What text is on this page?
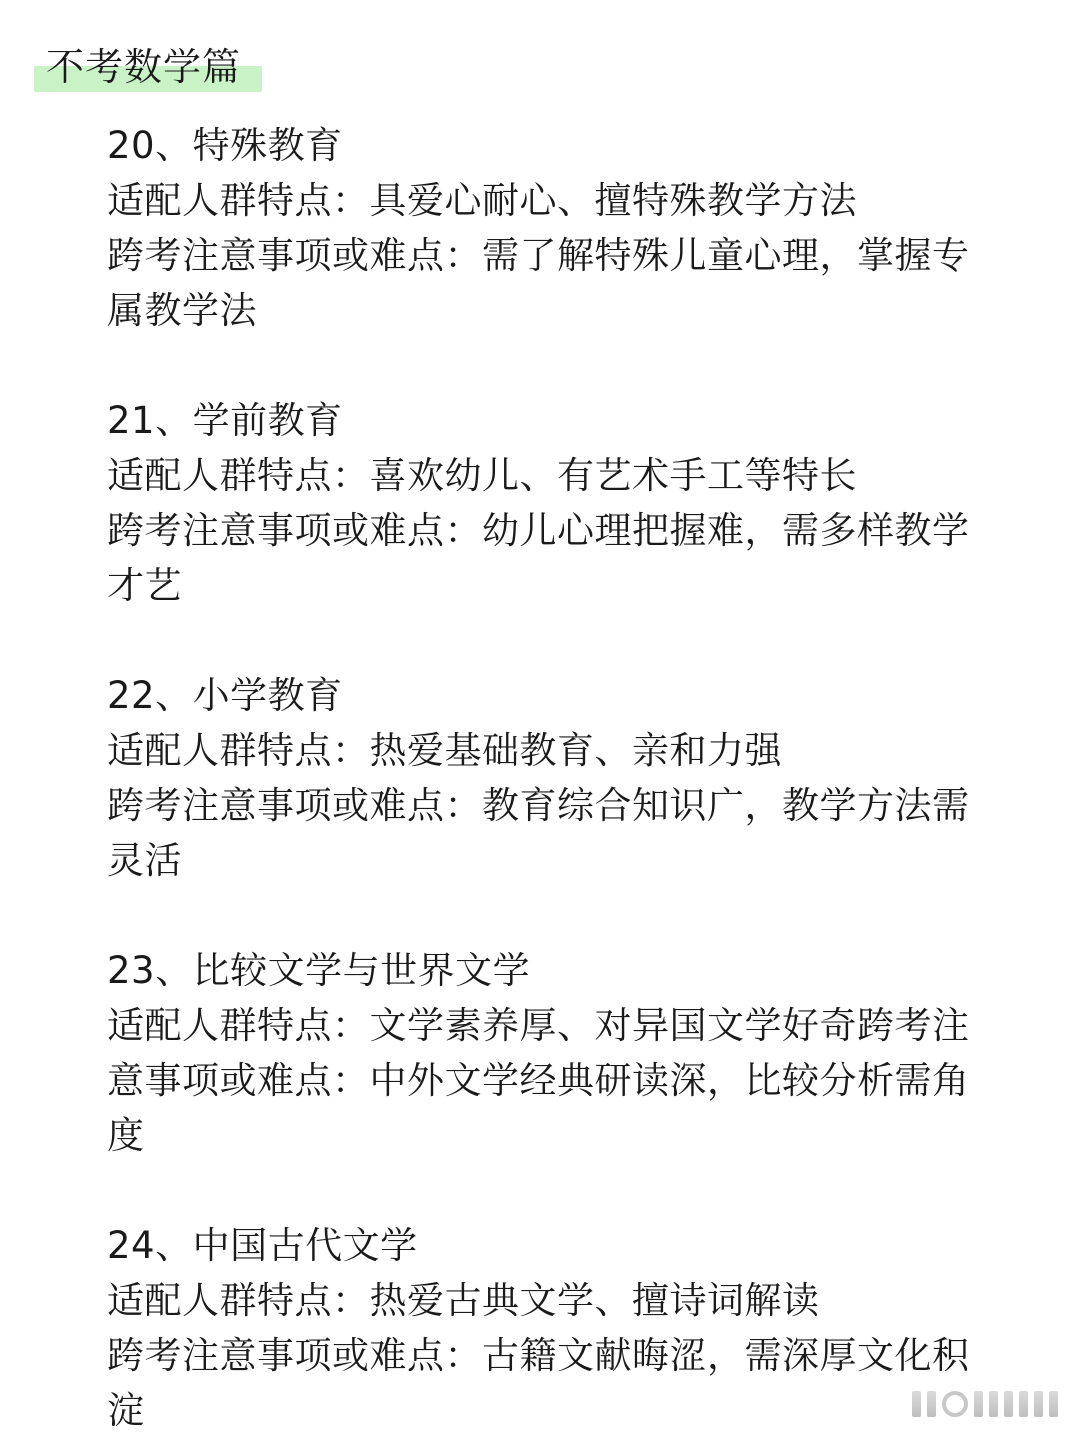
不考数学篇

20、特殊教育

适配人群特点：具爱心耐心、擅特殊教学方法

跨考注意事项或难点：需了解特殊儿童心理，掌握专属教学法

21、学前教育

适配人群特点：喜欢幼儿、有艺术手工等特长

跨考注意事项或难点：幼儿心理把握难，需多样教学才艺

22、小学教育

适配人群特点：热爱基础教育、亲和力强

跨考注意事项或难点：教育综合知识广，教学方法需灵活

23、比较文学与世界文学

适配人群特点：文学素养厚、对异国文学好奇跨考注意事项或难点：中外文学经典研读深，比较分析需角度

24、中国古代文学

适配人群特点：热爱古典文学、擅诗词解读

跨考注意事项或难点：古籍文献晦涩，需深厚文化积淀
